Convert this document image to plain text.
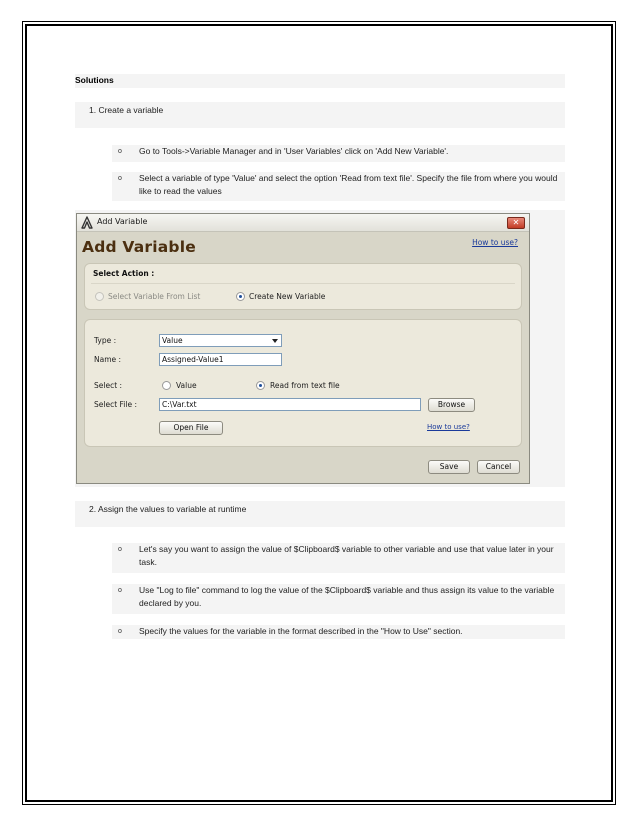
Solutions
1. Create a variable
o Go to Tools->Variable Manager and in 'User Variables' click on 'Add New Variable'.
o Select a variable of type 'Value' and select the option 'Read from text file'. Specify the file from where you would like to read the values
Add Variable	✕
Add Variable	How to use?
Select Action :
Select Variable From List	Create New Variable
Type :	Value
Name :	Assigned-Value1
Select :	Value	Read from text file
Select File :	C:\Var.txt	Browse
Open File	How to use?
Save	Cancel
2. Assign the values to variable at runtime
o Let's say you want to assign the value of $Clipboard$ variable to other variable and use that value later in your task.
o Use "Log to file" command to log the value of the $Clipboard$ variable and thus assign its value to the variable declared by you.
o Specify the values for the variable in the format described in the "How to Use" section.
